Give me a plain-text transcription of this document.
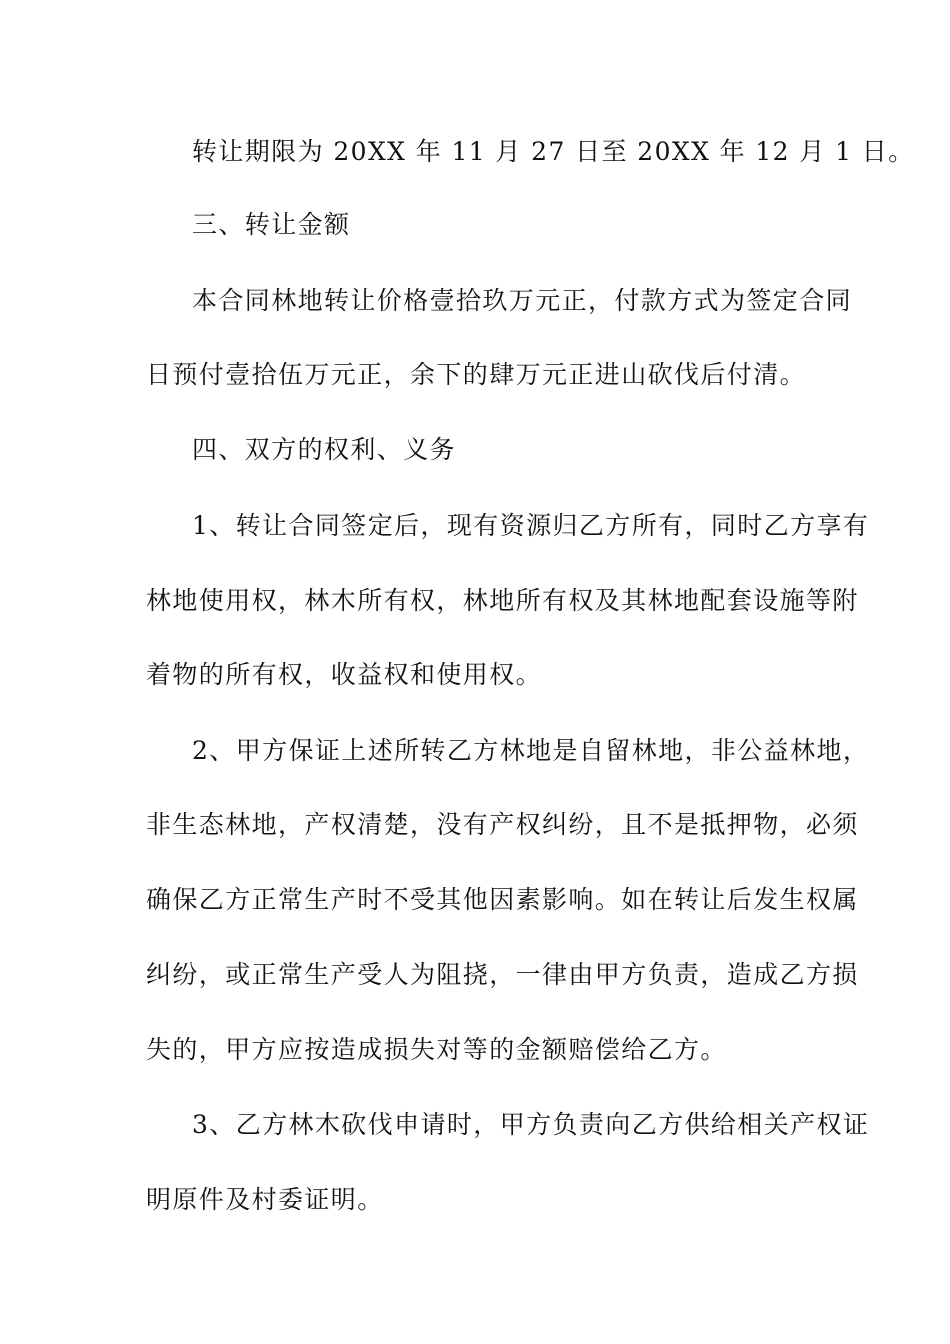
转让期限为 20XX 年 11 月 27 日至 20XX 年 12 月 1 日。
三、转让金额
本合同林地转让价格壹拾玖万元正，付款方式为签定合同
日预付壹拾伍万元正，余下的肆万元正进山砍伐后付清。
四、双方的权利、义务
1、转让合同签定后，现有资源归乙方所有，同时乙方享有
林地使用权，林木所有权，林地所有权及其林地配套设施等附
着物的所有权，收益权和使用权。
2、甲方保证上述所转乙方林地是自留林地，非公益林地，
非生态林地，产权清楚，没有产权纠纷，且不是抵押物，必须
确保乙方正常生产时不受其他因素影响。如在转让后发生权属
纠纷，或正常生产受人为阻挠，一律由甲方负责，造成乙方损
失的，甲方应按造成损失对等的金额赔偿给乙方。
3、乙方林木砍伐申请时，甲方负责向乙方供给相关产权证
明原件及村委证明。
